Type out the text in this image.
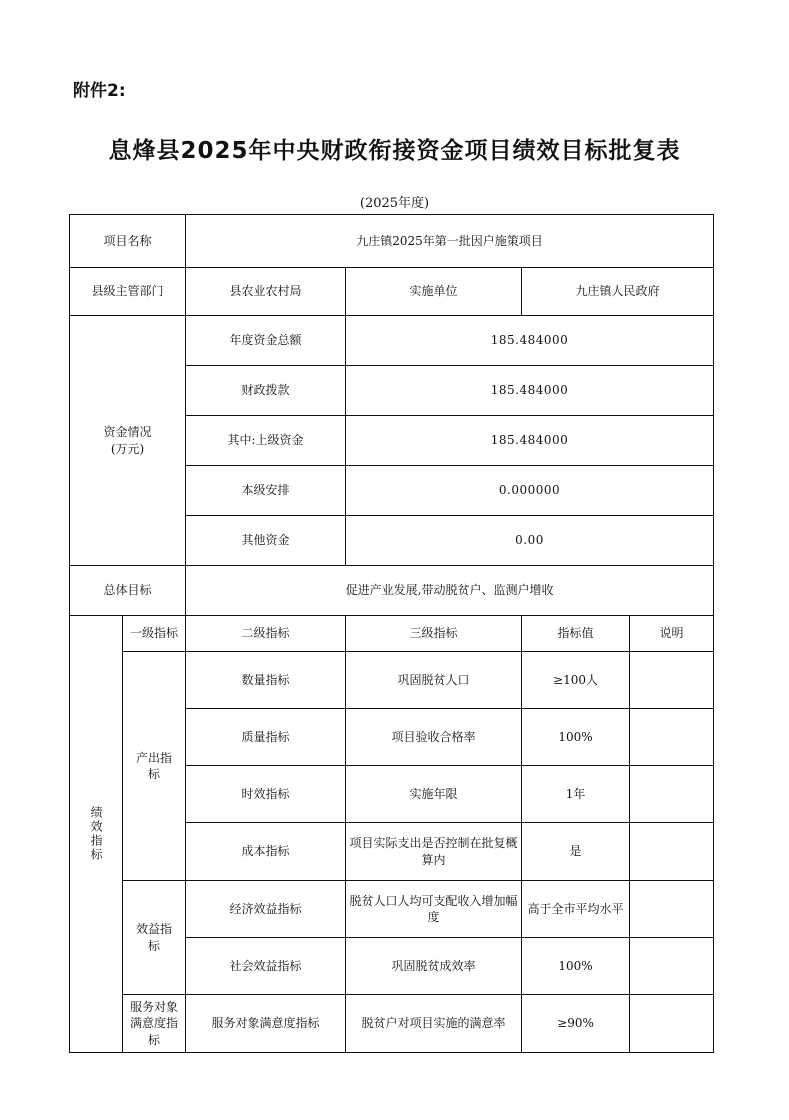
附件2:
息烽县2025年中央财政衔接资金项目绩效目标批复表
(2025年度)
项目名称		九庄镇2025年第一批因户施策项目			
县级主管部门		县农业农村局	实施单位	九庄镇人民政府	

资金情况
(万元)		年度资金总额	185.484000		
		财政拨款	185.484000		
		其中:上级资金	185.484000		
		本级安排	0.000000		
		其他资金	0.00		
总体目标		促进产业发展,带动脱贫户、监测户增收			

绩效指标	一级指标	二级指标	三级指标	指标值	说明
	产出指标	数量指标	巩固脱贫人口	≥100人	
		质量指标	项目验收合格率	100%	
		时效指标	实施年限	1年	
		成本指标	项目实际支出是否控制在批复概算内	是	
	效益指标	经济效益指标	脱贫人口人均可支配收入增加幅度	高于全市平均水平	
		社会效益指标	巩固脱贫成效率	100%	
	服务对象满意度指标	服务对象满意度指标	脱贫户对项目实施的满意率	≥90%	
